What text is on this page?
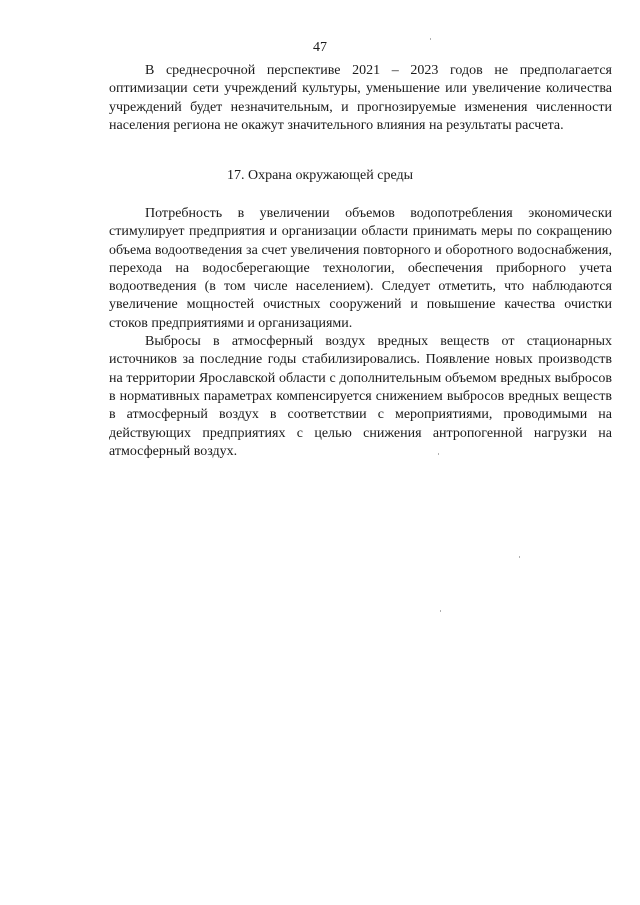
47

В среднесрочной перспективе 2021 – 2023 годов не предполагается оптимизации сети учреждений культуры, уменьшение или увеличение количества учреждений будет незначительным, и прогнозируемые изменения численности населения региона не окажут значительного влияния на результаты расчета.

17. Охрана окружающей среды

Потребность в увеличении объемов водопотребления экономически стимулирует предприятия и организации области принимать меры по сокращению объема водоотведения за счет увеличения повторного и оборотного водоснабжения, перехода на водосберегающие технологии, обеспечения приборного учета водоотведения (в том числе населением). Следует отметить, что наблюдаются увеличение мощностей очистных сооружений и повышение качества очистки стоков предприятиями и организациями.

Выбросы в атмосферный воздух вредных веществ от стационарных источников за последние годы стабилизировались. Появление новых производств на территории Ярославской области с дополнительным объемом вредных выбросов в нормативных параметрах компенсируется снижением выбросов вредных веществ в атмосферный воздух в соответствии с мероприятиями, проводимыми на действующих предприятиях с целью снижения антропогенной нагрузки на атмосферный воздух.
